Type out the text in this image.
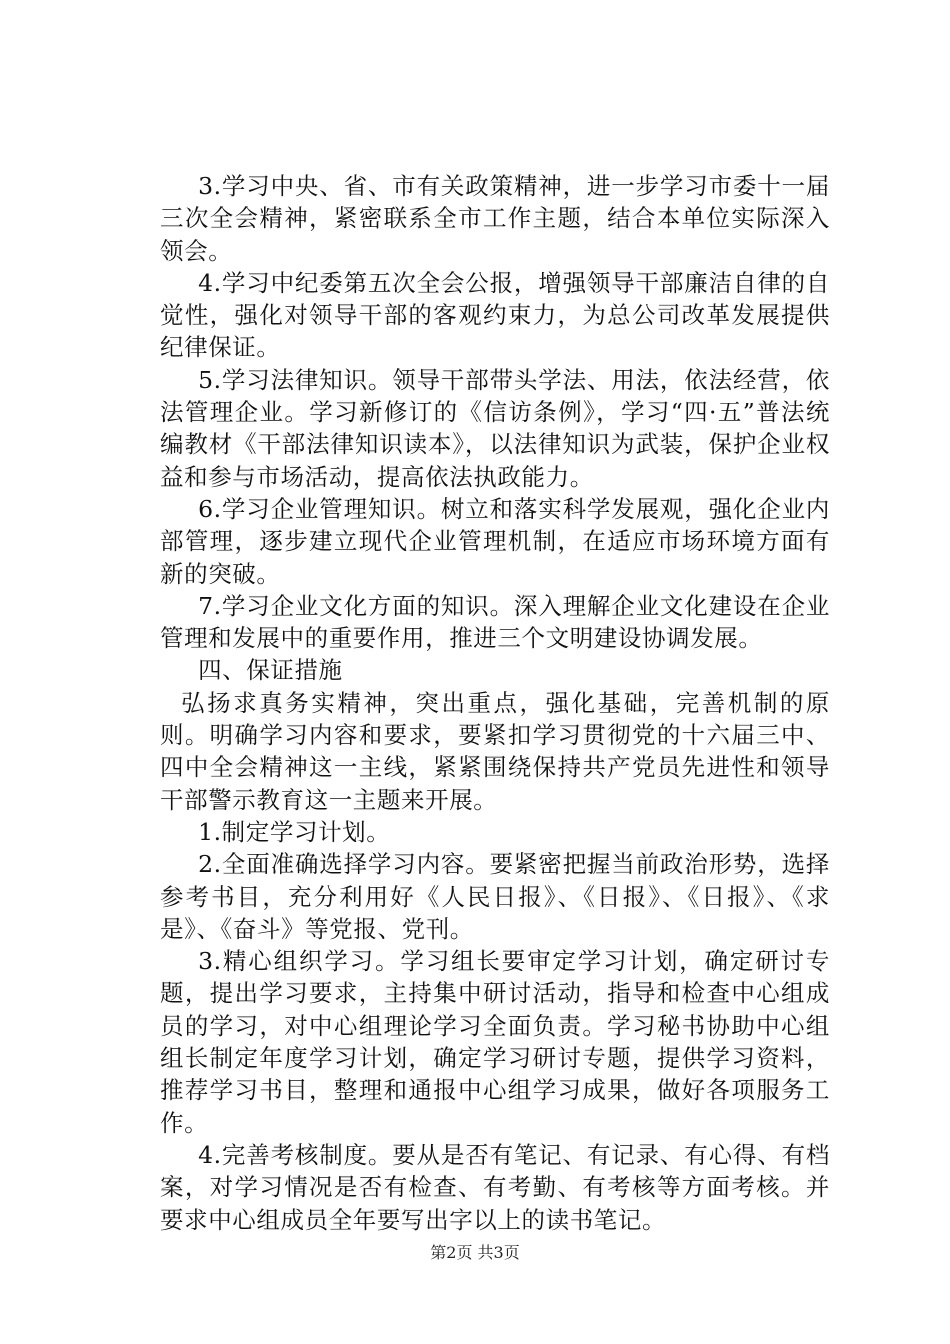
3.学习中央、省、市有关政策精神，进一步学习市委十一届三次全会精神，紧密联系全市工作主题，结合本单位实际深入领会。

4.学习中纪委第五次全会公报，增强领导干部廉洁自律的自觉性，强化对领导干部的客观约束力，为总公司改革发展提供纪律保证。

5.学习法律知识。领导干部带头学法、用法，依法经营，依法管理企业。学习新修订的《信访条例》，学习“四·五”普法统编教材《干部法律知识读本》，以法律知识为武装，保护企业权益和参与市场活动，提高依法执政能力。

6.学习企业管理知识。树立和落实科学发展观，强化企业内部管理，逐步建立现代企业管理机制，在适应市场环境方面有新的突破。

7.学习企业文化方面的知识。深入理解企业文化建设在企业管理和发展中的重要作用，推进三个文明建设协调发展。

四、保证措施

弘扬求真务实精神，突出重点，强化基础，完善机制的原则。明确学习内容和要求，要紧扣学习贯彻党的十六届三中、四中全会精神这一主线，紧紧围绕保持共产党员先进性和领导干部警示教育这一主题来开展。

1.制定学习计划。

2.全面准确选择学习内容。要紧密把握当前政治形势，选择参考书目，充分利用好《人民日报》、《日报》、《日报》、《求是》、《奋斗》等党报、党刊。

3.精心组织学习。学习组长要审定学习计划，确定研讨专题，提出学习要求，主持集中研讨活动，指导和检查中心组成员的学习，对中心组理论学习全面负责。学习秘书协助中心组组长制定年度学习计划，确定学习研讨专题，提供学习资料，推荐学习书目，整理和通报中心组学习成果，做好各项服务工作。

4.完善考核制度。要从是否有笔记、有记录、有心得、有档案，对学习情况是否有检查、有考勤、有考核等方面考核。并要求中心组成员全年要写出字以上的读书笔记。

第2页 共3页
